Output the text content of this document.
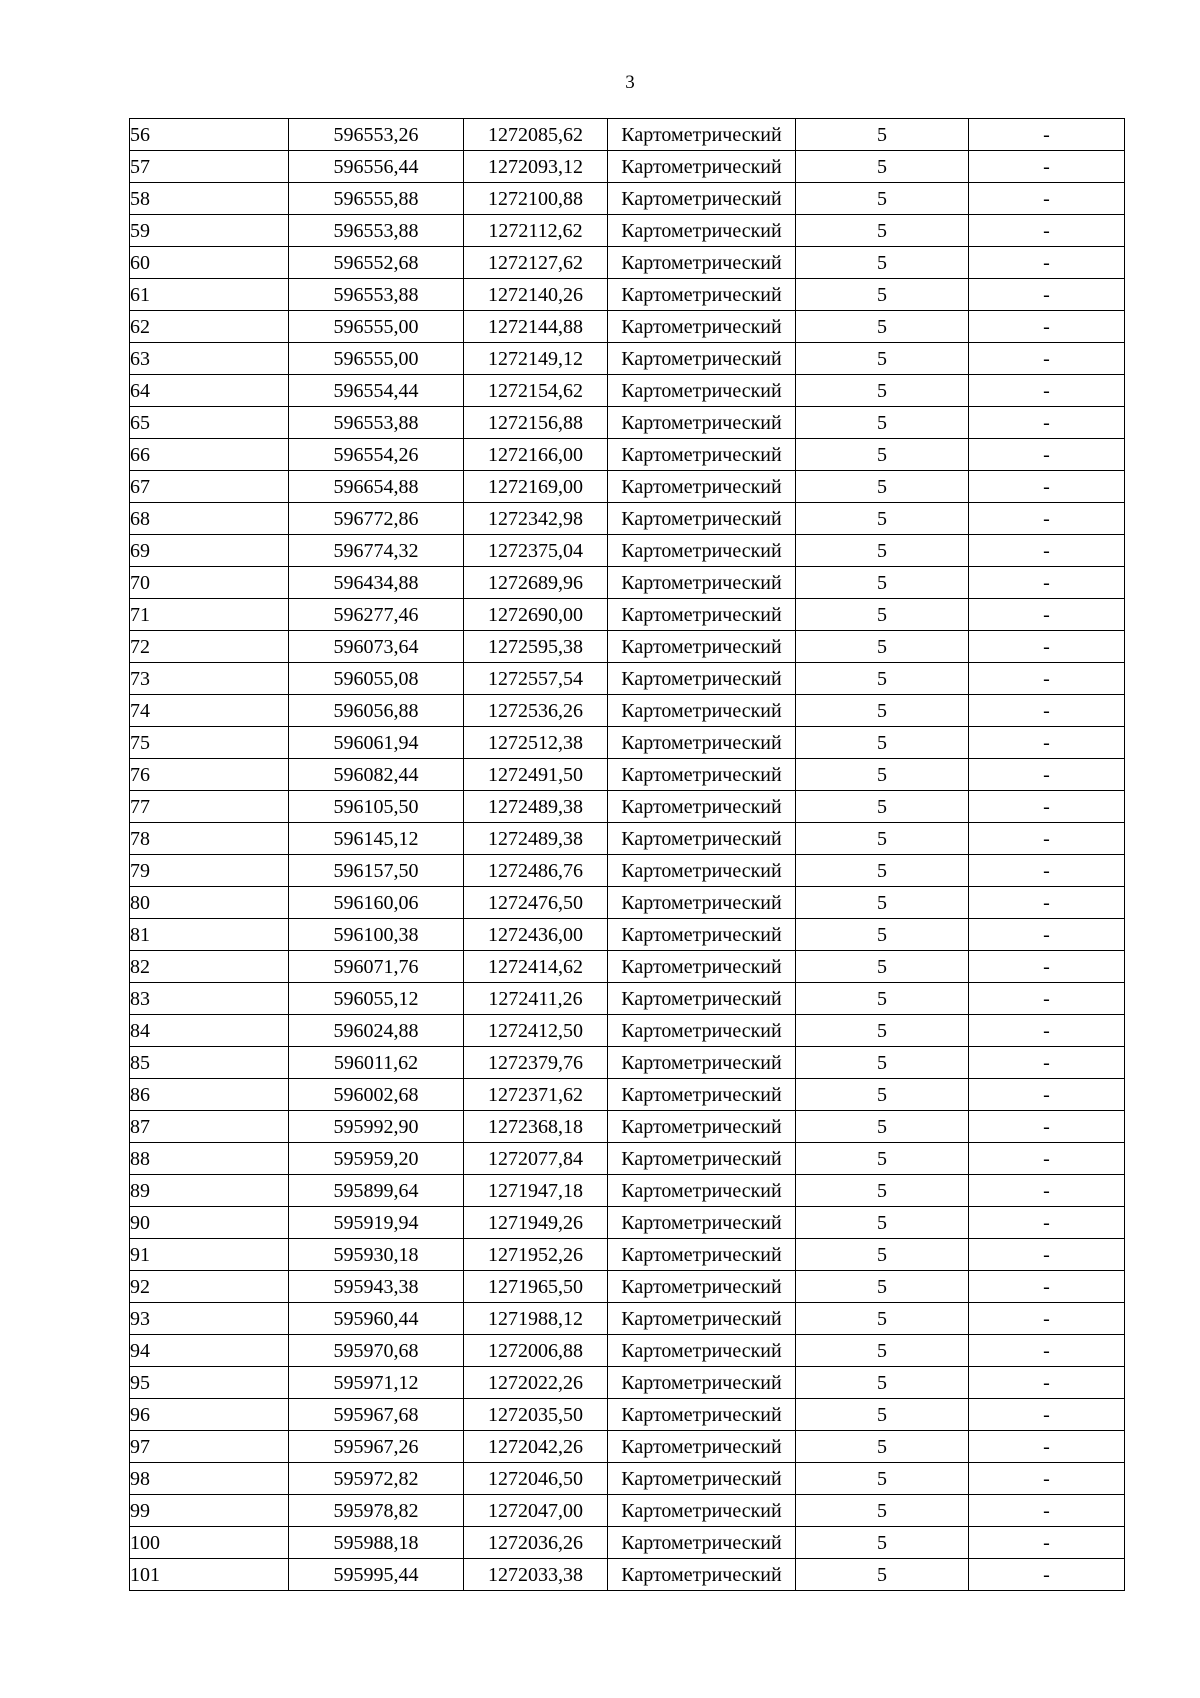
3
56	596553,26	1272085,62	Картометрический	5	-
57	596556,44	1272093,12	Картометрический	5	-
58	596555,88	1272100,88	Картометрический	5	-
59	596553,88	1272112,62	Картометрический	5	-
60	596552,68	1272127,62	Картометрический	5	-
61	596553,88	1272140,26	Картометрический	5	-
62	596555,00	1272144,88	Картометрический	5	-
63	596555,00	1272149,12	Картометрический	5	-
64	596554,44	1272154,62	Картометрический	5	-
65	596553,88	1272156,88	Картометрический	5	-
66	596554,26	1272166,00	Картометрический	5	-
67	596654,88	1272169,00	Картометрический	5	-
68	596772,86	1272342,98	Картометрический	5	-
69	596774,32	1272375,04	Картометрический	5	-
70	596434,88	1272689,96	Картометрический	5	-
71	596277,46	1272690,00	Картометрический	5	-
72	596073,64	1272595,38	Картометрический	5	-
73	596055,08	1272557,54	Картометрический	5	-
74	596056,88	1272536,26	Картометрический	5	-
75	596061,94	1272512,38	Картометрический	5	-
76	596082,44	1272491,50	Картометрический	5	-
77	596105,50	1272489,38	Картометрический	5	-
78	596145,12	1272489,38	Картометрический	5	-
79	596157,50	1272486,76	Картометрический	5	-
80	596160,06	1272476,50	Картометрический	5	-
81	596100,38	1272436,00	Картометрический	5	-
82	596071,76	1272414,62	Картометрический	5	-
83	596055,12	1272411,26	Картометрический	5	-
84	596024,88	1272412,50	Картометрический	5	-
85	596011,62	1272379,76	Картометрический	5	-
86	596002,68	1272371,62	Картометрический	5	-
87	595992,90	1272368,18	Картометрический	5	-
88	595959,20	1272077,84	Картометрический	5	-
89	595899,64	1271947,18	Картометрический	5	-
90	595919,94	1271949,26	Картометрический	5	-
91	595930,18	1271952,26	Картометрический	5	-
92	595943,38	1271965,50	Картометрический	5	-
93	595960,44	1271988,12	Картометрический	5	-
94	595970,68	1272006,88	Картометрический	5	-
95	595971,12	1272022,26	Картометрический	5	-
96	595967,68	1272035,50	Картометрический	5	-
97	595967,26	1272042,26	Картометрический	5	-
98	595972,82	1272046,50	Картометрический	5	-
99	595978,82	1272047,00	Картометрический	5	-
100	595988,18	1272036,26	Картометрический	5	-
101	595995,44	1272033,38	Картометрический	5	-
